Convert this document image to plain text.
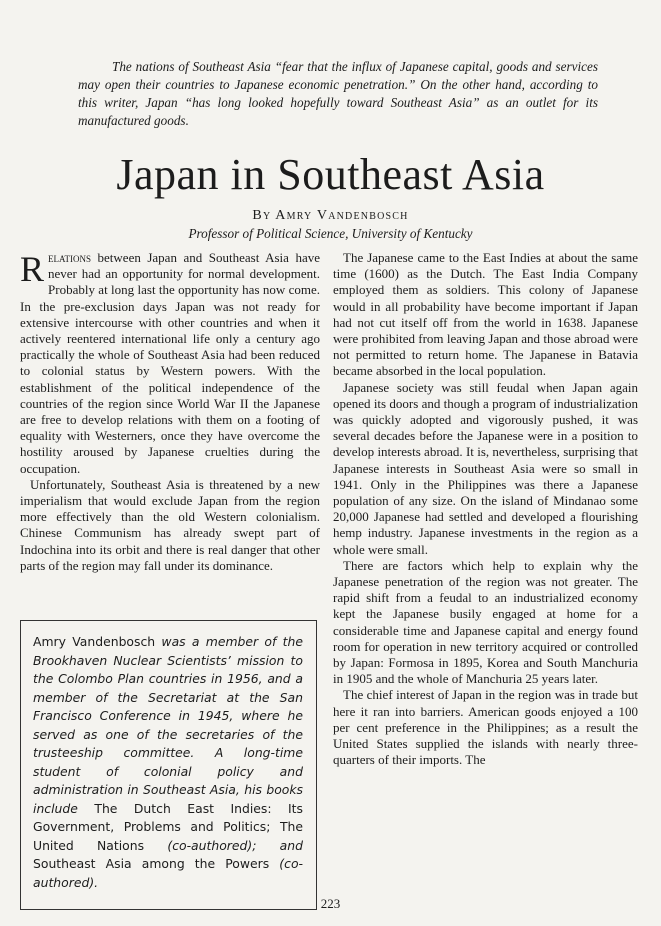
The nations of Southeast Asia “fear that the influx of Japanese capital, goods and services may open their countries to Japanese economic penetration.” On the other hand, according to this writer, Japan “has long looked hopefully toward Southeast Asia” as an outlet for its manufactured goods.

Japan in Southeast Asia

By Amry Vandenbosch

Professor of Political Science, University of Kentucky

Relations between Japan and Southeast Asia have never had an opportunity for normal development. Probably at long last the opportunity has now come. In the pre-exclusion days Japan was not ready for extensive intercourse with other countries and when it actively reentered international life only a century ago practically the whole of Southeast Asia had been reduced to colonial status by Western powers. With the establishment of the political independence of the countries of the region since World War II the Japanese are free to develop relations with them on a footing of equality with Westerners, once they have overcome the hostility aroused by Japanese cruelties during the occupation.

Unfortunately, Southeast Asia is threatened by a new imperialism that would exclude Japan from the region more effectively than the old Western colonialism. Chinese Communism has already swept part of Indochina into its orbit and there is real danger that other parts of the region may fall under its dominance.

Amry Vandenbosch was a member of the Brookhaven Nuclear Scientists’ mission to the Colombo Plan countries in 1956, and a member of the Secretariat at the San Francisco Conference in 1945, where he served as one of the secretaries of the trusteeship committee. A long-time student of colonial policy and administration in Southeast Asia, his books include The Dutch East Indies: Its Government, Problems and Politics; The United Nations (co-authored); and Southeast Asia among the Powers (co-authored).

The Japanese came to the East Indies at about the same time (1600) as the Dutch. The East India Company employed them as soldiers. This colony of Japanese would in all probability have become important if Japan had not cut itself off from the world in 1638. Japanese were prohibited from leaving Japan and those abroad were not permitted to return home. The Japanese in Batavia became absorbed in the local population.

Japanese society was still feudal when Japan again opened its doors and though a program of industrialization was quickly adopted and vigorously pushed, it was several decades before the Japanese were in a position to develop interests abroad. It is, nevertheless, surprising that Japanese interests in Southeast Asia were so small in 1941. Only in the Philippines was there a Japanese population of any size. On the island of Mindanao some 20,000 Japanese had settled and developed a flourishing hemp industry. Japanese investments in the region as a whole were small.

There are factors which help to explain why the Japanese penetration of the region was not greater. The rapid shift from a feudal to an industrialized economy kept the Japanese busily engaged at home for a considerable time and Japanese capital and energy found room for operation in new territory acquired or controlled by Japan: Formosa in 1895, Korea and South Manchuria in 1905 and the whole of Manchuria 25 years later.

The chief interest of Japan in the region was in trade but here it ran into barriers. American goods enjoyed a 100 per cent preference in the Philippines; as a result the United States supplied the islands with nearly three-quarters of their imports. The

223
